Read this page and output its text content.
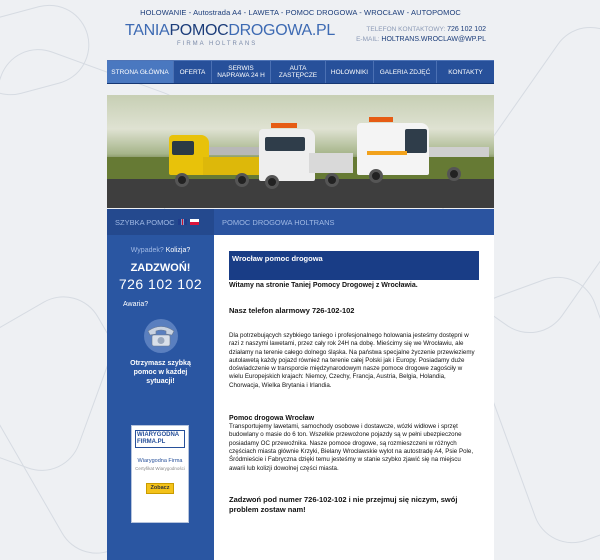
HOLOWANIE - Autostrada A4 - LAWETA - POMOC DROGOWA - WROCŁAW - AUTOPOMOC
TANIAPOMOCDROGOWA.PL
FIRMA HOLTRANS
TELEFON KONTAKTOWY: 726 102 102
E-MAIL: HOLTRANS.WROCLAW@WP.PL
STRONA GŁÓWNA	OFERTA	SERWIS NAPRAWA 24 H
AUTA ZASTĘPCZE	HOLOWNIKI	GALERIA ZDJĘĆ	KONTAKTY
SZYBKA POMOC	POMOC DROGOWA HOLTRANS
Wypadek? Kolizja?
ZADZWOŃ!
726 102 102
Awaria?
Otrzymasz szybką pomoc w każdej sytuacji!
WIARYGODNA FIRMA.PL
Wiarygodna Firma
Certyfikat Wiarygodności
Zobacz
Wrocław pomoc drogowa
Witamy na stronie Taniej Pomocy Drogowej z Wrocławia.
Nasz telefon alarmowy 726-102-102
Dla potrzebujących szybkiego taniego i profesjonalnego holowania jesteśmy dostępni w razi z naszymi lawetami, przez cały rok 24H na dobę. Mieścimy się we Wrocławiu, ale działamy na terenie całego dolnego śląska. Na państwa specjalne życzenie przewieziemy autolawetą każdy pojazd również na terenie całej Polski jak i Europy. Posiadamy duże doświadczenie w transporcie międzynarodowym nasze pomoce drogowe zagościły w wielu Europejskich krajach: Niemcy, Czechy, Francja, Austria, Belgia, Holandia, Chorwacja, Wielka Brytania i Irlandia.
Pomoc drogowa Wrocław
Transportujemy lawetami, samochody osobowe i dostawcze, wózki widłowe i sprzęt budowlany o masie do 6 ton. Wszelkie przewożone pojazdy są w pełni ubezpieczone posiadamy OC przewoźnika. Nasze pomoce drogowe, są rozmieszczeni w różnych częściach miasta głównie Krzyki, Bielany Wrocławskie wylot na autostradę A4, Psie Pole, Śródmieście i Fabryczna dzięki temu jesteśmy w stanie szybko zjawić się na miejscu awarii lub kolizji dowolnej części miasta.
Zadzwoń pod numer 726-102-102 i nie przejmuj się niczym, swój problem zostaw nam!
